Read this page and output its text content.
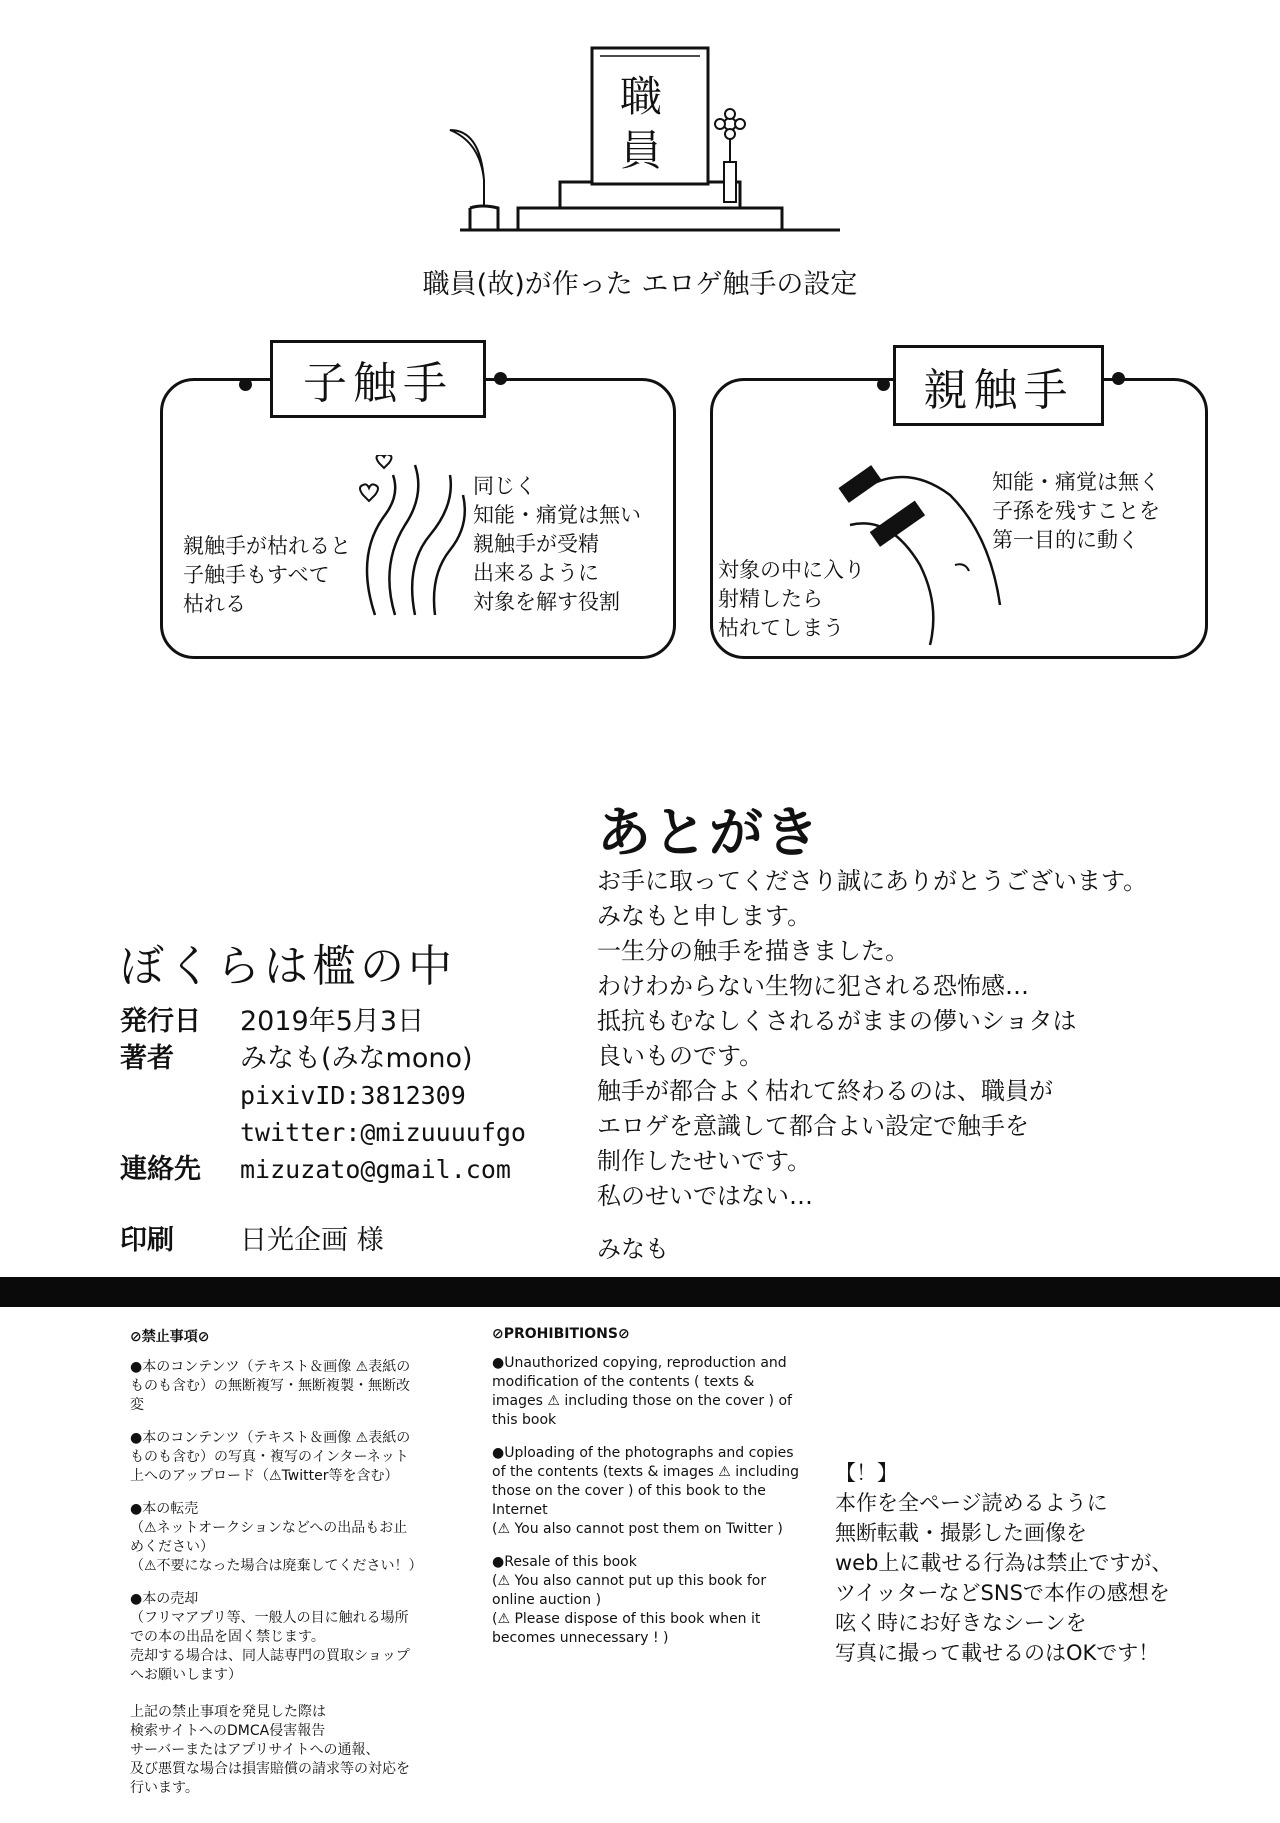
職
員
職員(故)が作った エロゲ触手の設定
子触手
親触手が枯れると
子触手もすべて
枯れる
同じく
知能・痛覚は無い
親触手が受精
出来るように
対象を解す役割
親触手
知能・痛覚は無く
子孫を残すことを
第一目的に動く
対象の中に入り
射精したら
枯れてしまう
ぼくらは檻の中
発行日	2019年5月3日
著者	みなも(みなmono)
pixivID:3812309
twitter:@mizuuuufgo
連絡先	mizuzato@gmail.com
印刷	日光企画 様
あとがき
お手に取ってくださり誠にありがとうございます。
みなもと申します。
一生分の触手を描きました。
わけわからない生物に犯される恐怖感…
抵抗もむなしくされるがままの儚いショタは
良いものです。
触手が都合よく枯れて終わるのは、職員が
エロゲを意識して都合よい設定で触手を
制作したせいです。
私のせいではない…
みなも
⊘禁止事項⊘
●本のコンテンツ（テキスト＆画像 ⚠表紙のものも含む）の無断複写・無断複製・無断改変
●本のコンテンツ（テキスト＆画像 ⚠表紙のものも含む）の写真・複写のインターネット上へのアップロード（⚠Twitter等を含む）
●本の転売
（⚠ネットオークションなどへの出品もお止めください）
（⚠不要になった場合は廃棄してください！）
●本の売却
（フリマアプリ等、一般人の目に触れる場所での本の出品を固く禁じます。
売却する場合は、同人誌専門の買取ショップへお願いします）
上記の禁止事項を発見した際は
検索サイトへのDMCA侵害報告
サーバーまたはアプリサイトへの通報、
及び悪質な場合は損害賠償の請求等の対応を行います。
⊘PROHIBITIONS⊘
●Unauthorized copying, reproduction and modification of the contents ( texts & images ⚠ including those on the cover ) of this book
●Uploading of the photographs and copies of the contents (texts & images ⚠ including those on the cover ) of this book to the Internet
(⚠ You also cannot post them on Twitter )
●Resale of this book
(⚠ You also cannot put up this book for online auction )
(⚠ Please dispose of this book when it becomes unnecessary ! )
【！】
本作を全ページ読めるように
無断転載・撮影した画像を
web上に載せる行為は禁止ですが、
ツイッターなどSNSで本作の感想を
呟く時にお好きなシーンを
写真に撮って載せるのはOKです！
